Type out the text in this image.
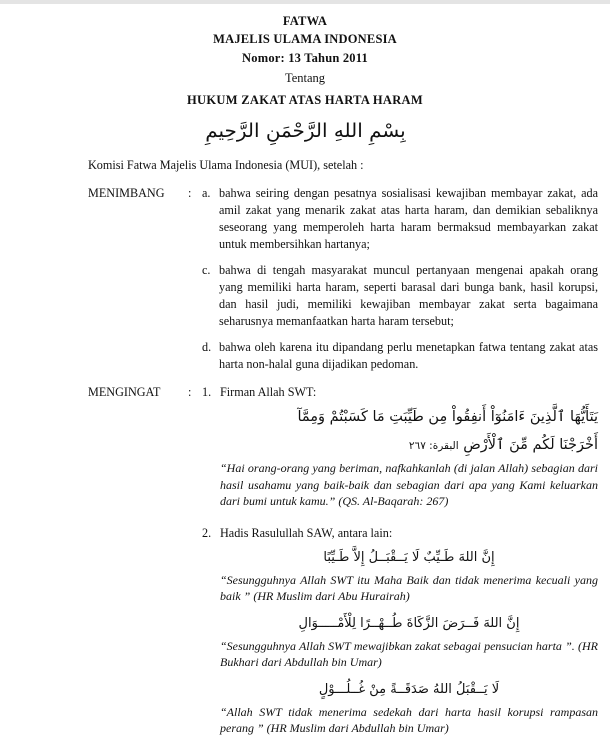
FATWA
MAJELIS ULAMA INDONESIA
Nomor: 13 Tahun 2011
Tentang
HUKUM ZAKAT ATAS HARTA HARAM
بِسْمِ اللهِ الرَّحْمَنِ الرَّحِيمِ
Komisi Fatwa Majelis Ulama Indonesia (MUI), setelah :
MENIMBANG	: a. bahwa seiring dengan pesatnya sosialisasi kewajiban membayar zakat, ada amil zakat yang menarik zakat atas harta haram, dan demikian sebaliknya seseorang yang memperoleh harta haram bermaksud membayarkan zakat untuk membersihkan hartanya;
c. bahwa di tengah masyarakat muncul pertanyaan mengenai apakah orang yang memiliki harta haram, seperti barasal dari bunga bank, hasil korupsi, dan hasil judi, memiliki kewajiban membayar zakat serta bagaimana seharusnya memanfaatkan harta haram tersebut;
d. bahwa oleh karena itu dipandang perlu menetapkan fatwa tentang zakat atas harta non-halal guna dijadikan pedoman.
MENGINGAT	: 1. Firman Allah SWT:
يَتَأَيُّهَا ٱلَّذِينَ ءَامَنُوٓاْ أَنفِقُواْ مِن طَيِّبَتِ مَا كَسَبْتُمْ وَمِمَّآ
أَخْرَجْنَا لَكُم مِّنَ ٱلْأَرْضِ البقرة: ٢٦٧
“Hai orang-orang yang beriman, nafkahkanlah (di jalan Allah) sebagian dari hasil usahamu yang baik-baik dan sebagian dari apa yang Kami keluarkan dari bumi untuk kamu.” (QS. Al-Baqarah: 267)
2. Hadis Rasulullah SAW, antara lain:
إِنَّ اللهَ طَـيِّبٌ لَا يَــقْبَــلُ إِلاَّ طَـيِّبًا
“Sesungguhnya Allah SWT itu Maha Baik dan tidak menerima kecuali yang baik ” (HR Muslim dari Abu Hurairah)
إِنَّ اللهَ فَــرَضَ الزَّكَاةَ طُــهْــرًا لِلْأَمْـــــوَالِ
“Sesungguhnya Allah SWT mewajibkan zakat sebagai pensucian harta ”. (HR Bukhari dari Abdullah bin Umar)
لَا يَــقْبَلُ اللهُ صَدَقَــةً مِنْ غُــلُـــوْلٍ
“Allah SWT tidak menerima sedekah dari harta hasil korupsi rampasan perang ” (HR Muslim dari Abdullah bin Umar)
